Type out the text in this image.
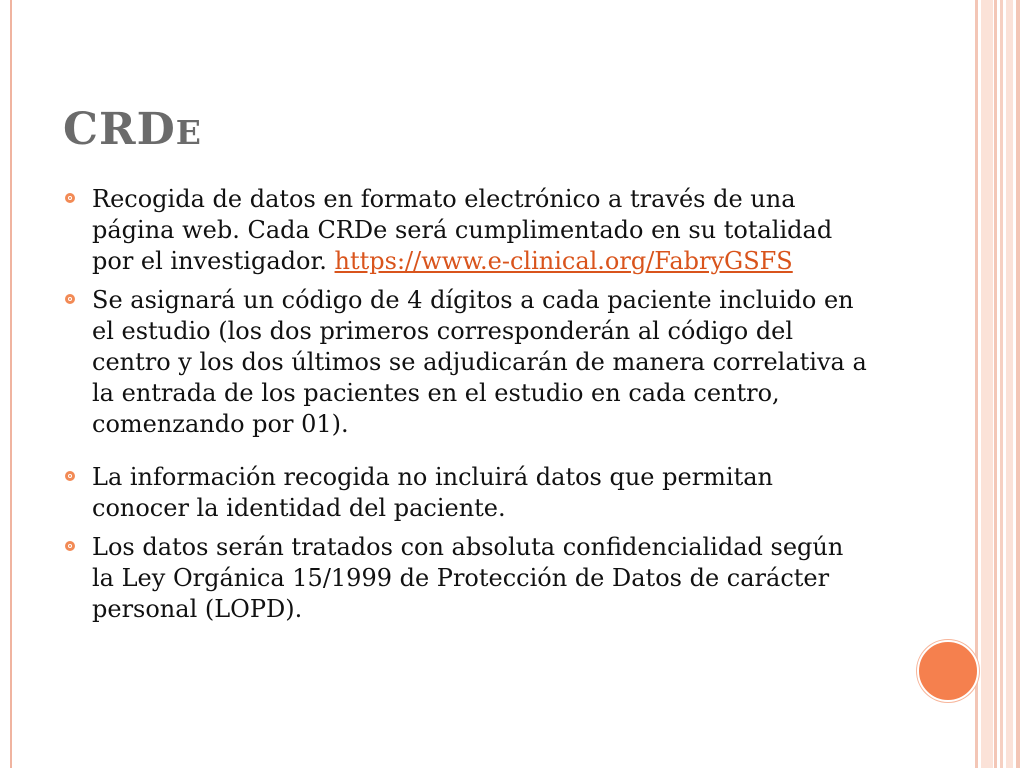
CRDE
Recogida de datos en formato electrónico a través de una página web. Cada CRDe será cumplimentado en su totalidad por el investigador. https://www.e-clinical.org/FabryGSFS
Se asignará un código de 4 dígitos a cada paciente incluido en el estudio (los dos primeros corresponderán al código del centro y los dos últimos se adjudicarán de manera correlativa a la entrada de los pacientes en el estudio en cada centro, comenzando por 01).
La información recogida no incluirá datos que permitan conocer la identidad del paciente.
Los datos serán tratados con absoluta confidencialidad según la Ley Orgánica 15/1999 de Protección de Datos de carácter personal (LOPD).
